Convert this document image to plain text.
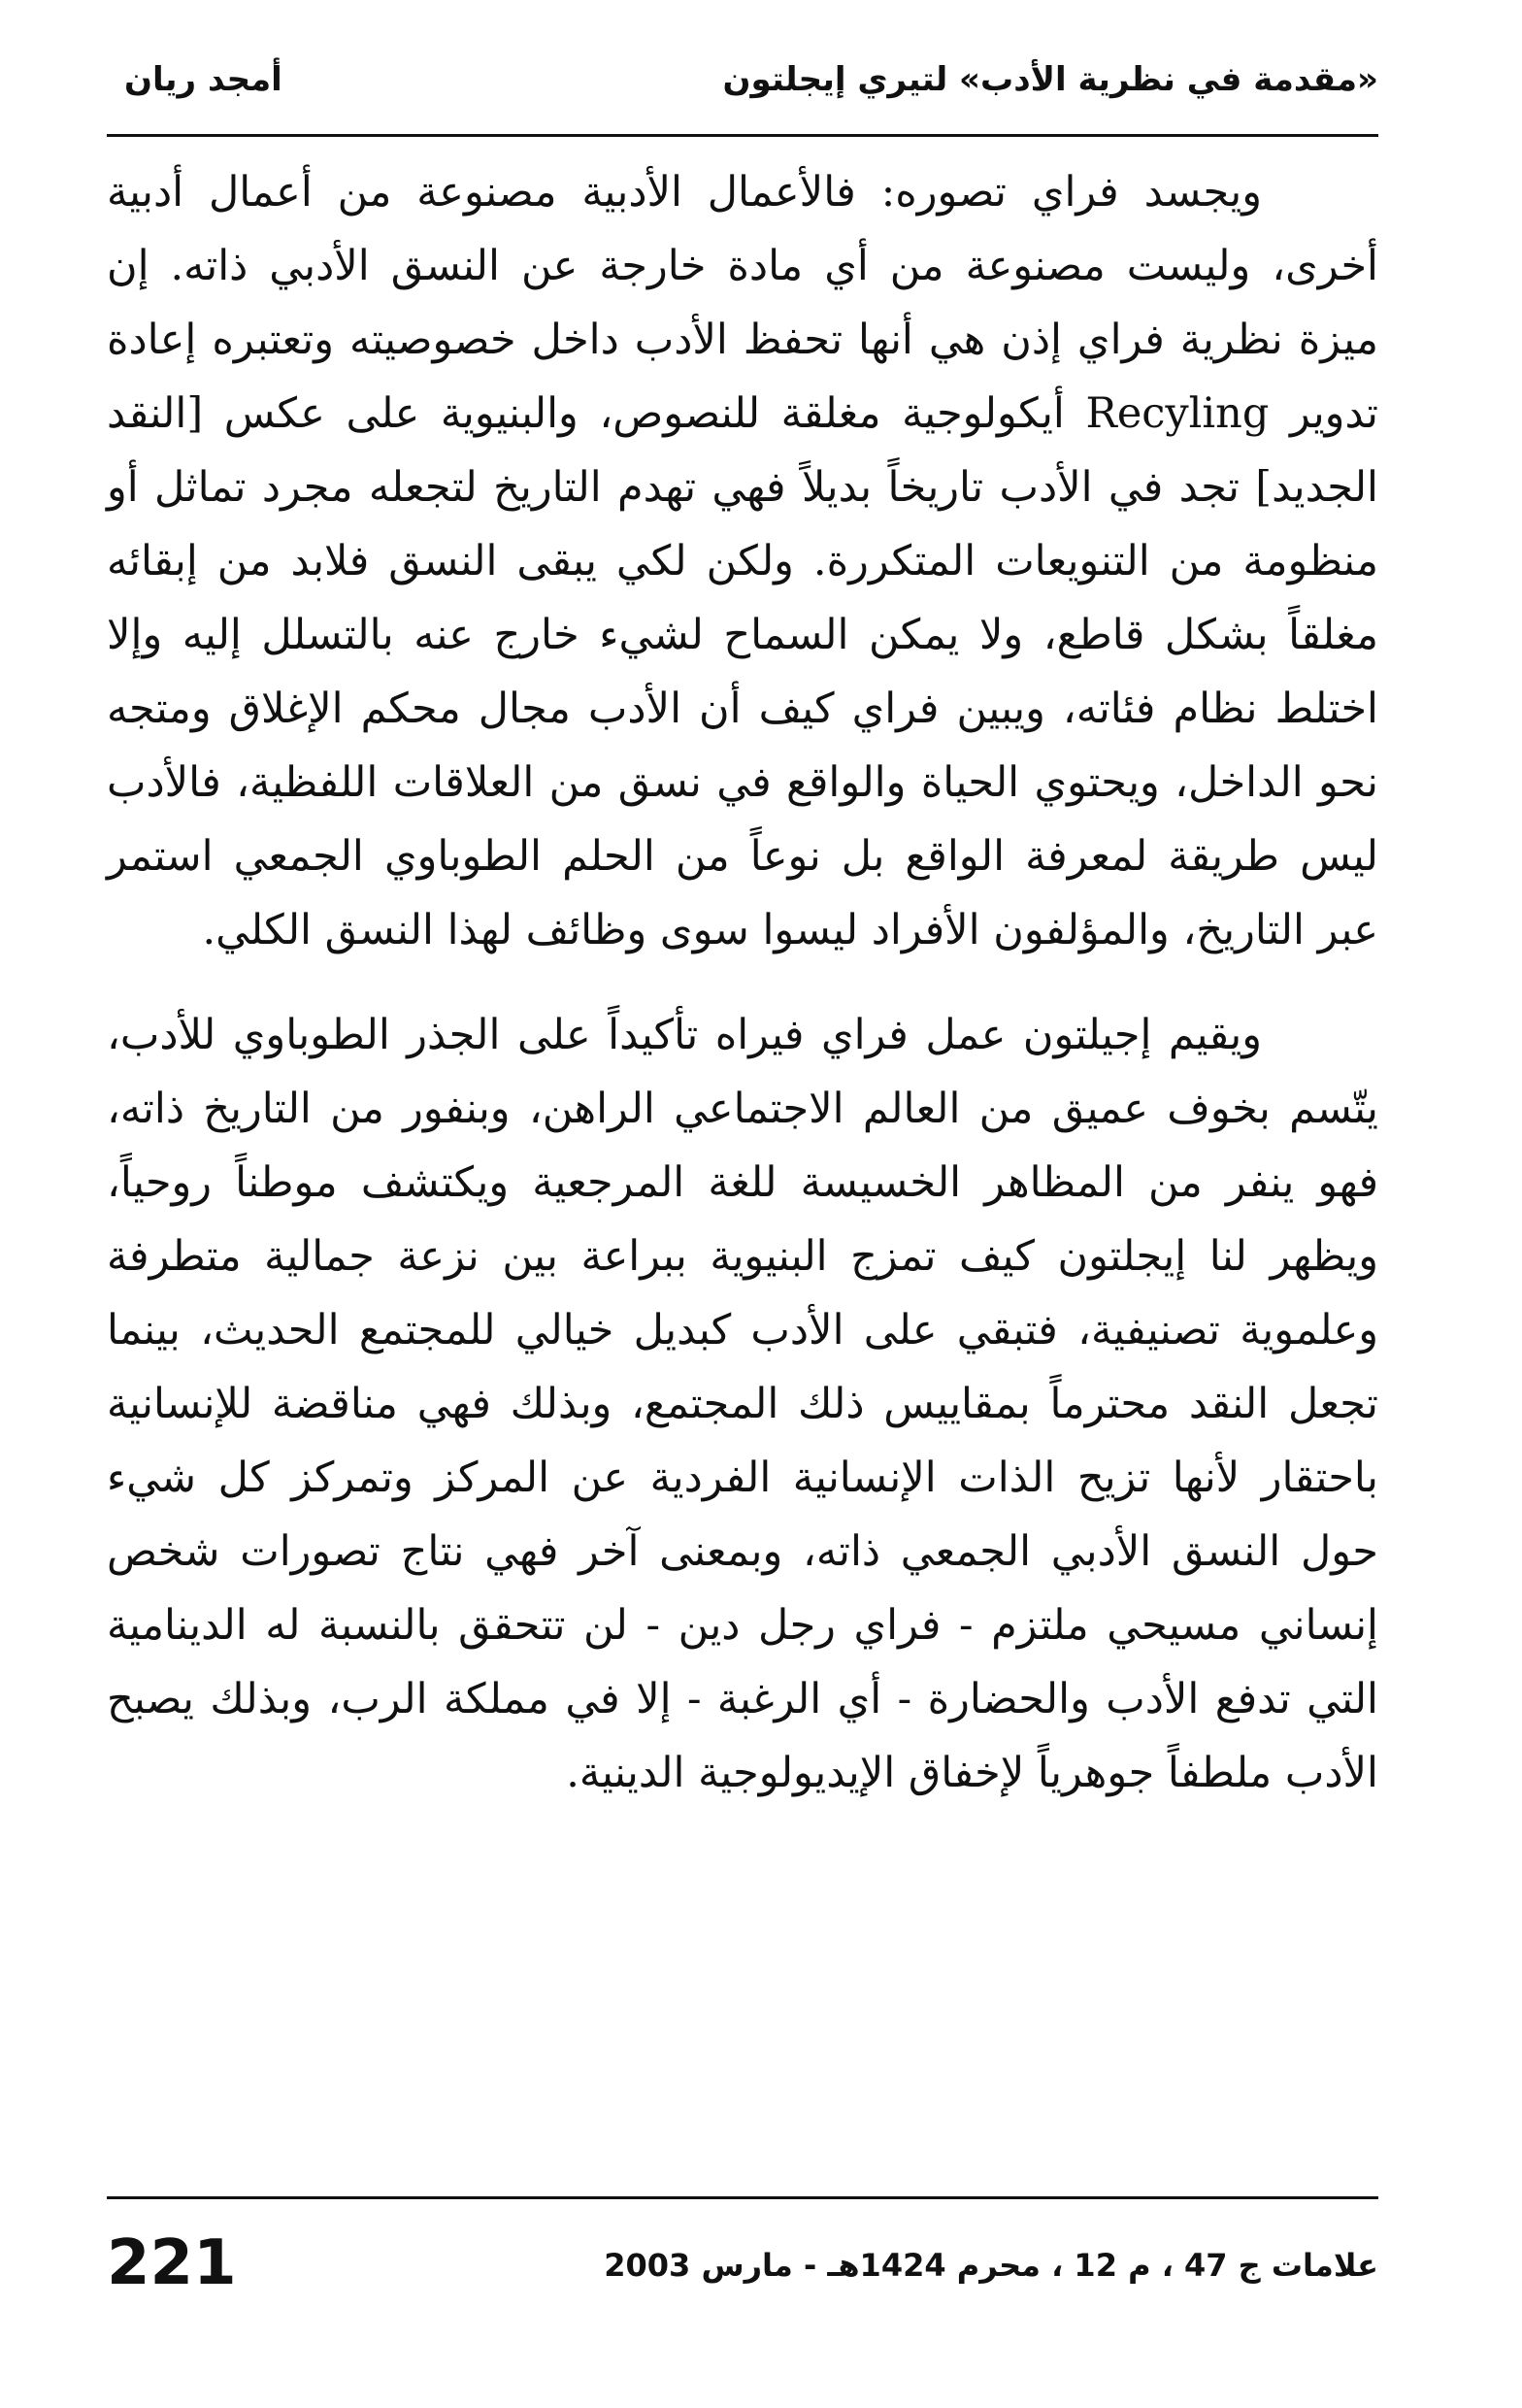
«مقدمة في نظرية الأدب» لتيري إيجلتون
أمجد ريان

ويجسد فراي تصوره: فالأعمال الأدبية مصنوعة من أعمال أدبية أخرى، وليست مصنوعة من أي مادة خارجة عن النسق الأدبي ذاته. إن ميزة نظرية فراي إذن هي أنها تحفظ الأدب داخل خصوصيته وتعتبره إعادة تدوير Recyling أيكولوجية مغلقة للنصوص، والبنيوية على عكس [النقد الجديد] تجد في الأدب تاريخاً بديلاً فهي تهدم التاريخ لتجعله مجرد تماثل أو منظومة من التنويعات المتكررة. ولكن لكي يبقى النسق فلابد من إبقائه مغلقاً بشكل قاطع، ولا يمكن السماح لشيء خارج عنه بالتسلل إليه وإلا اختلط نظام فئاته، ويبين فراي كيف أن الأدب مجال محكم الإغلاق ومتجه نحو الداخل، ويحتوي الحياة والواقع في نسق من العلاقات اللفظية، فالأدب ليس طريقة لمعرفة الواقع بل نوعاً من الحلم الطوباوي الجمعي استمر عبر التاريخ، والمؤلفون الأفراد ليسوا سوى وظائف لهذا النسق الكلي.

ويقيم إجيلتون عمل فراي فيراه تأكيداً على الجذر الطوباوي للأدب، يتّسم بخوف عميق من العالم الاجتماعي الراهن، وبنفور من التاريخ ذاته، فهو ينفر من المظاهر الخسيسة للغة المرجعية ويكتشف موطناً روحياً، ويظهر لنا إيجلتون كيف تمزج البنيوية ببراعة بين نزعة جمالية متطرفة وعلموية تصنيفية، فتبقي على الأدب كبديل خيالي للمجتمع الحديث، بينما تجعل النقد محترماً بمقاييس ذلك المجتمع، وبذلك فهي مناقضة للإنسانية باحتقار لأنها تزيح الذات الإنسانية الفردية عن المركز وتمركز كل شيء حول النسق الأدبي الجمعي ذاته، وبمعنى آخر فهي نتاج تصورات شخص إنساني مسيحي ملتزم - فراي رجل دين - لن تتحقق بالنسبة له الدينامية التي تدفع الأدب والحضارة - أي الرغبة - إلا في مملكة الرب، وبذلك يصبح الأدب ملطفاً جوهرياً لإخفاق الإيديولوجية الدينية.

علامات ج 47 ، م 12 ، محرم 1424هـ - مارس 2003
221
